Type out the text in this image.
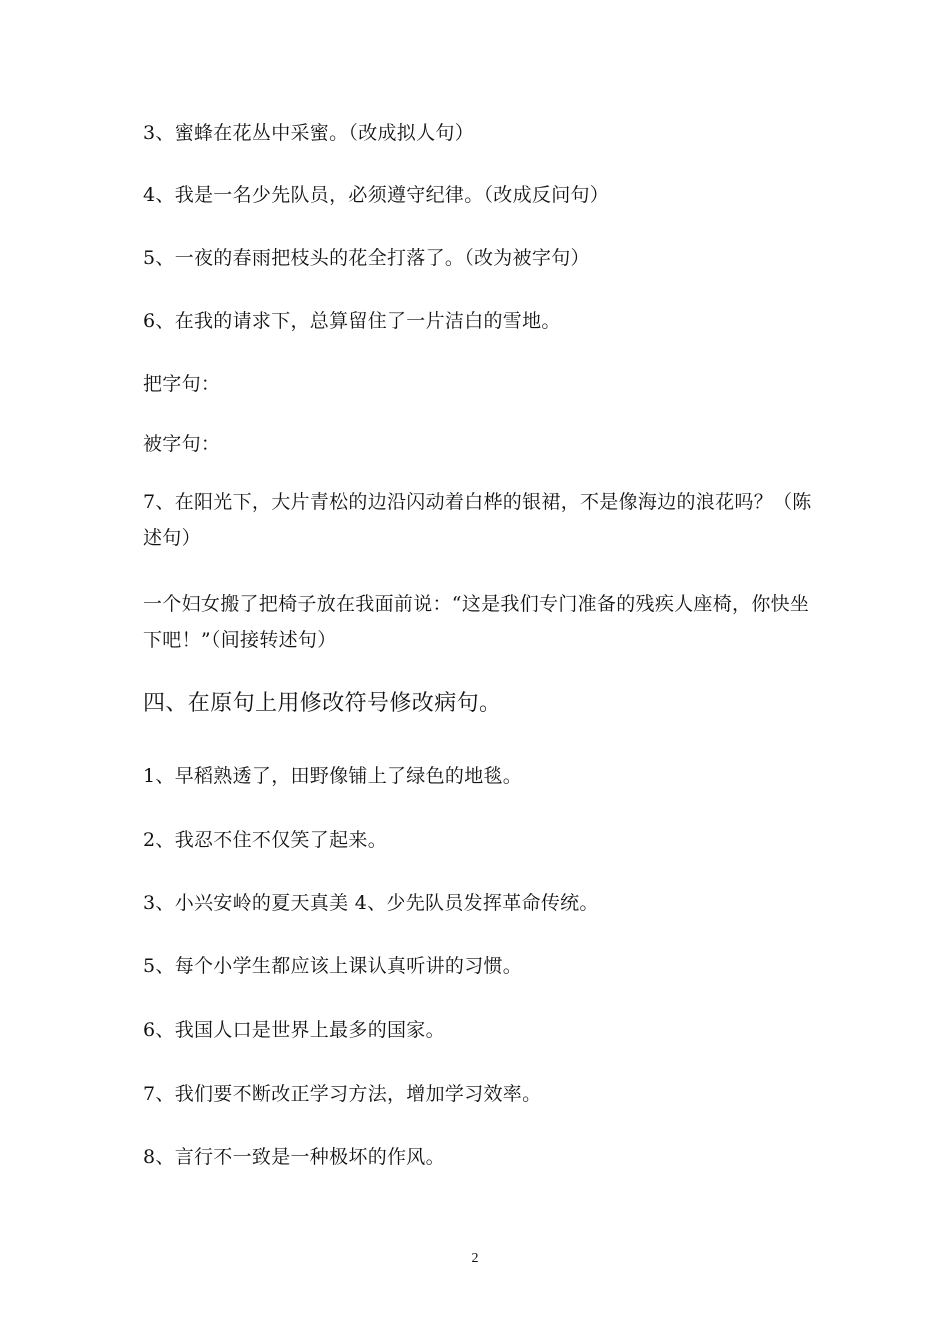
3、蜜蜂在花丛中采蜜。（改成拟人句）
4、我是一名少先队员，必须遵守纪律。（改成反问句）
5、一夜的春雨把枝头的花全打落了。（改为被字句）
6、在我的请求下，总算留住了一片洁白的雪地。
把字句：
被字句：
7、在阳光下，大片青松的边沿闪动着白桦的银裙，不是像海边的浪花吗？（陈述句）
一个妇女搬了把椅子放在我面前说：“这是我们专门准备的残疾人座椅，你快坐下吧！”（间接转述句）
四、在原句上用修改符号修改病句。
1、早稻熟透了，田野像铺上了绿色的地毯。
2、我忍不住不仅笑了起来。
3、小兴安岭的夏天真美 4、少先队员发挥革命传统。
5、每个小学生都应该上课认真听讲的习惯。
6、我国人口是世界上最多的国家。
7、我们要不断改正学习方法，增加学习效率。
8、言行不一致是一种极坏的作风。
2
